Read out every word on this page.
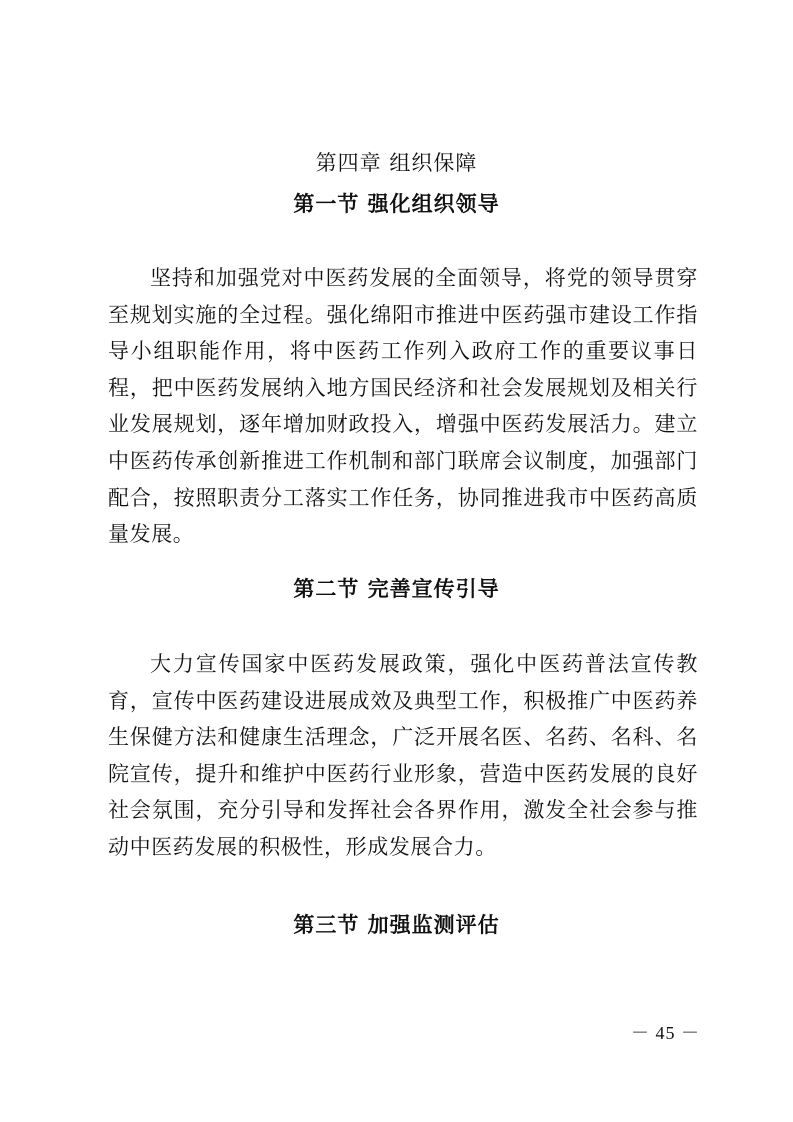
第四章 组织保障
第一节 强化组织领导
坚持和加强党对中医药发展的全面领导，将党的领导贯穿至规划实施的全过程。强化绵阳市推进中医药强市建设工作指导小组职能作用，将中医药工作列入政府工作的重要议事日程，把中医药发展纳入地方国民经济和社会发展规划及相关行业发展规划，逐年增加财政投入，增强中医药发展活力。建立中医药传承创新推进工作机制和部门联席会议制度，加强部门配合，按照职责分工落实工作任务，协同推进我市中医药高质量发展。
第二节 完善宣传引导
大力宣传国家中医药发展政策，强化中医药普法宣传教育，宣传中医药建设进展成效及典型工作，积极推广中医药养生保健方法和健康生活理念，广泛开展名医、名药、名科、名院宣传，提升和维护中医药行业形象，营造中医药发展的良好社会氛围，充分引导和发挥社会各界作用，激发全社会参与推动中医药发展的积极性，形成发展合力。
第三节 加强监测评估
－ 45 －
